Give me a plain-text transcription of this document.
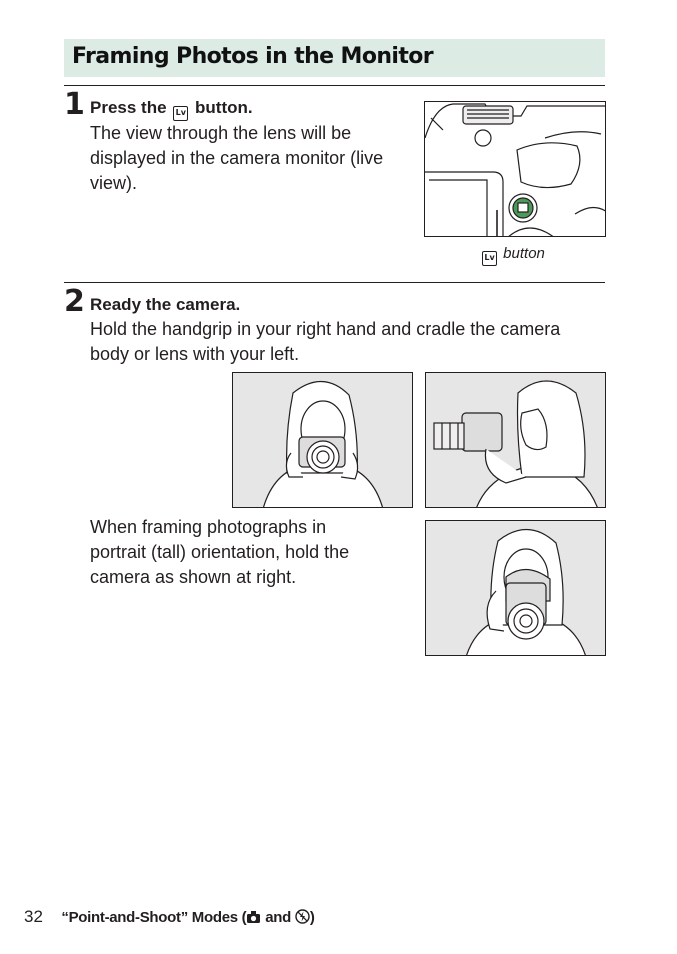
Framing Photos in the Monitor
1 Press the Lv button.
The view through the lens will be
displayed in the camera monitor (live
view).
Lv button
2 Ready the camera.
Hold the handgrip in your right hand and cradle the camera
body or lens with your left.
When framing photographs in
portrait (tall) orientation, hold the
camera as shown at right.
32 “Point-and-Shoot” Modes ( and )
